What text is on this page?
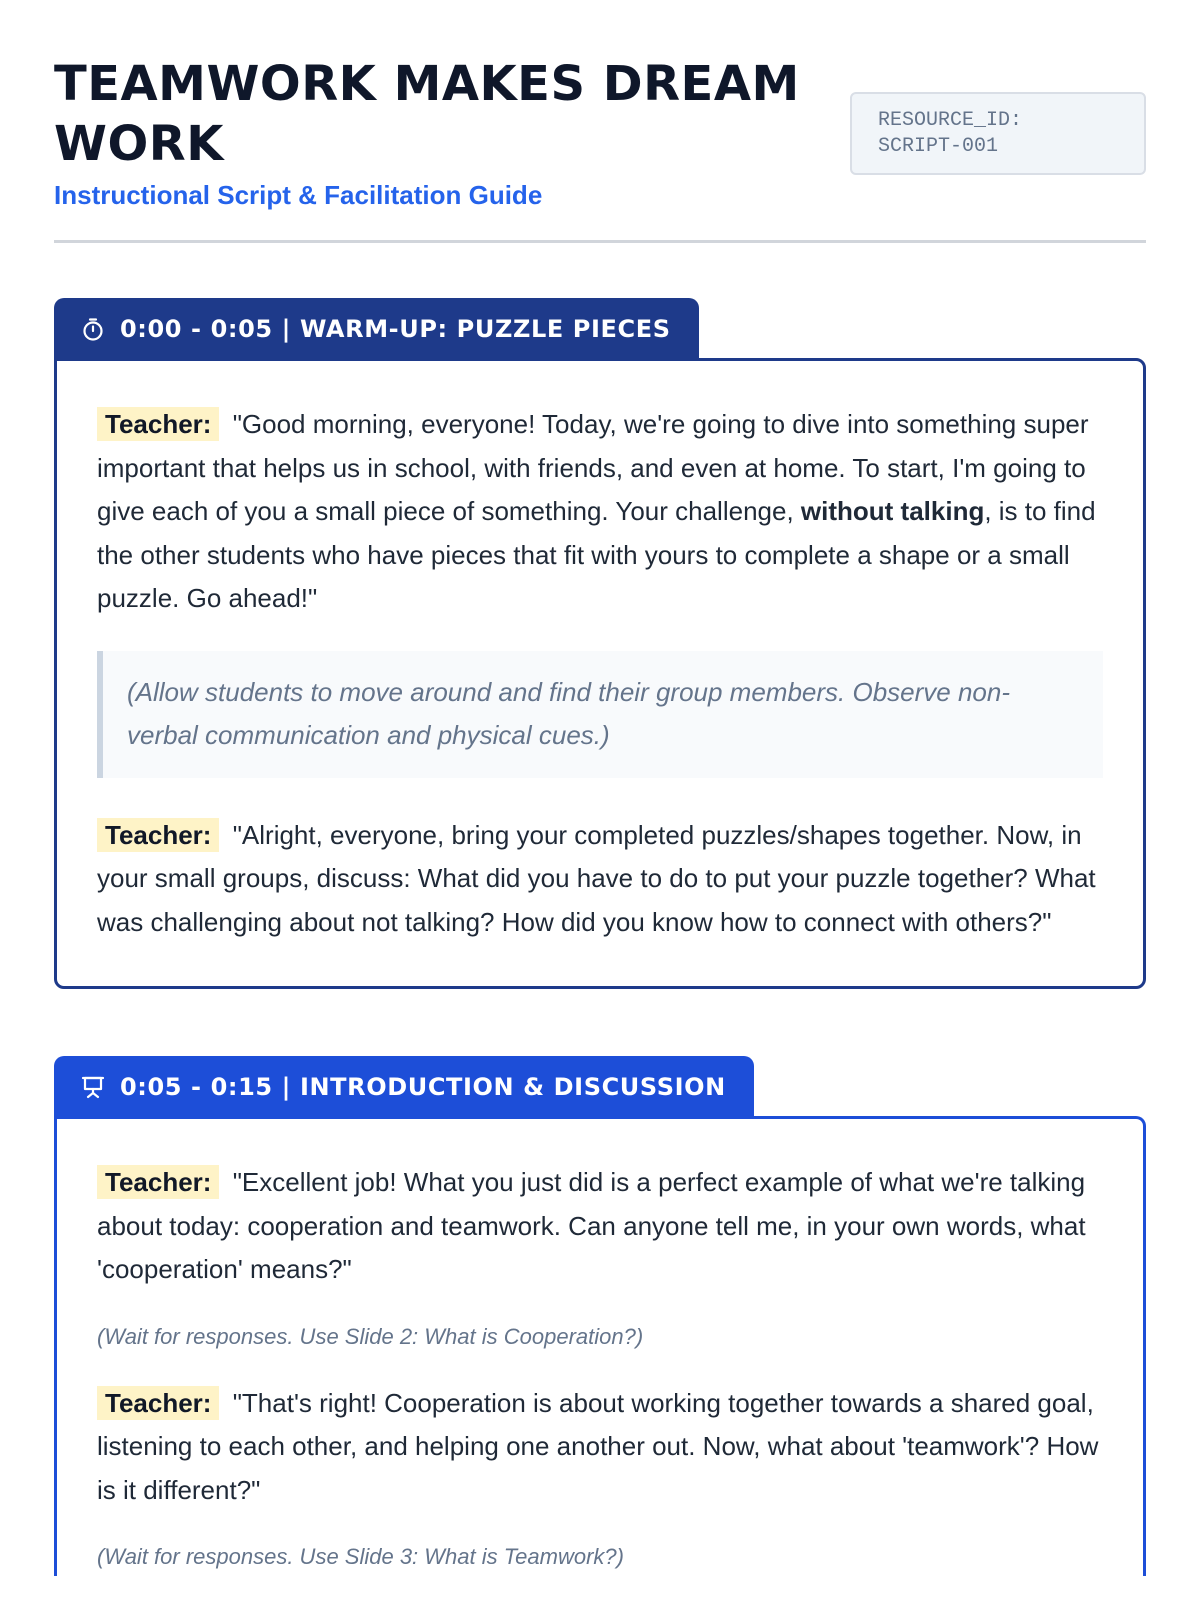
TEAMWORK MAKES DREAM WORK
Instructional Script & Facilitation Guide
RESOURCE_ID:
SCRIPT-001
0:00 - 0:05 | WARM-UP: PUZZLE PIECES

Teacher: "Good morning, everyone! Today, we're going to dive into something super important that helps us in school, with friends, and even at home. To start, I'm going to give each of you a small piece of something. Your challenge, without talking, is to find the other students who have pieces that fit with yours to complete a shape or a small puzzle. Go ahead!"

(Allow students to move around and find their group members. Observe non-verbal communication and physical cues.)

Teacher: "Alright, everyone, bring your completed puzzles/shapes together. Now, in your small groups, discuss: What did you have to do to put your puzzle together? What was challenging about not talking? How did you know how to connect with others?"

0:05 - 0:15 | INTRODUCTION & DISCUSSION

Teacher: "Excellent job! What you just did is a perfect example of what we're talking about today: cooperation and teamwork. Can anyone tell me, in your own words, what 'cooperation' means?"

(Wait for responses. Use Slide 2: What is Cooperation?)

Teacher: "That's right! Cooperation is about working together towards a shared goal, listening to each other, and helping one another out. Now, what about 'teamwork'? How is it different?"

(Wait for responses. Use Slide 3: What is Teamwork?)
